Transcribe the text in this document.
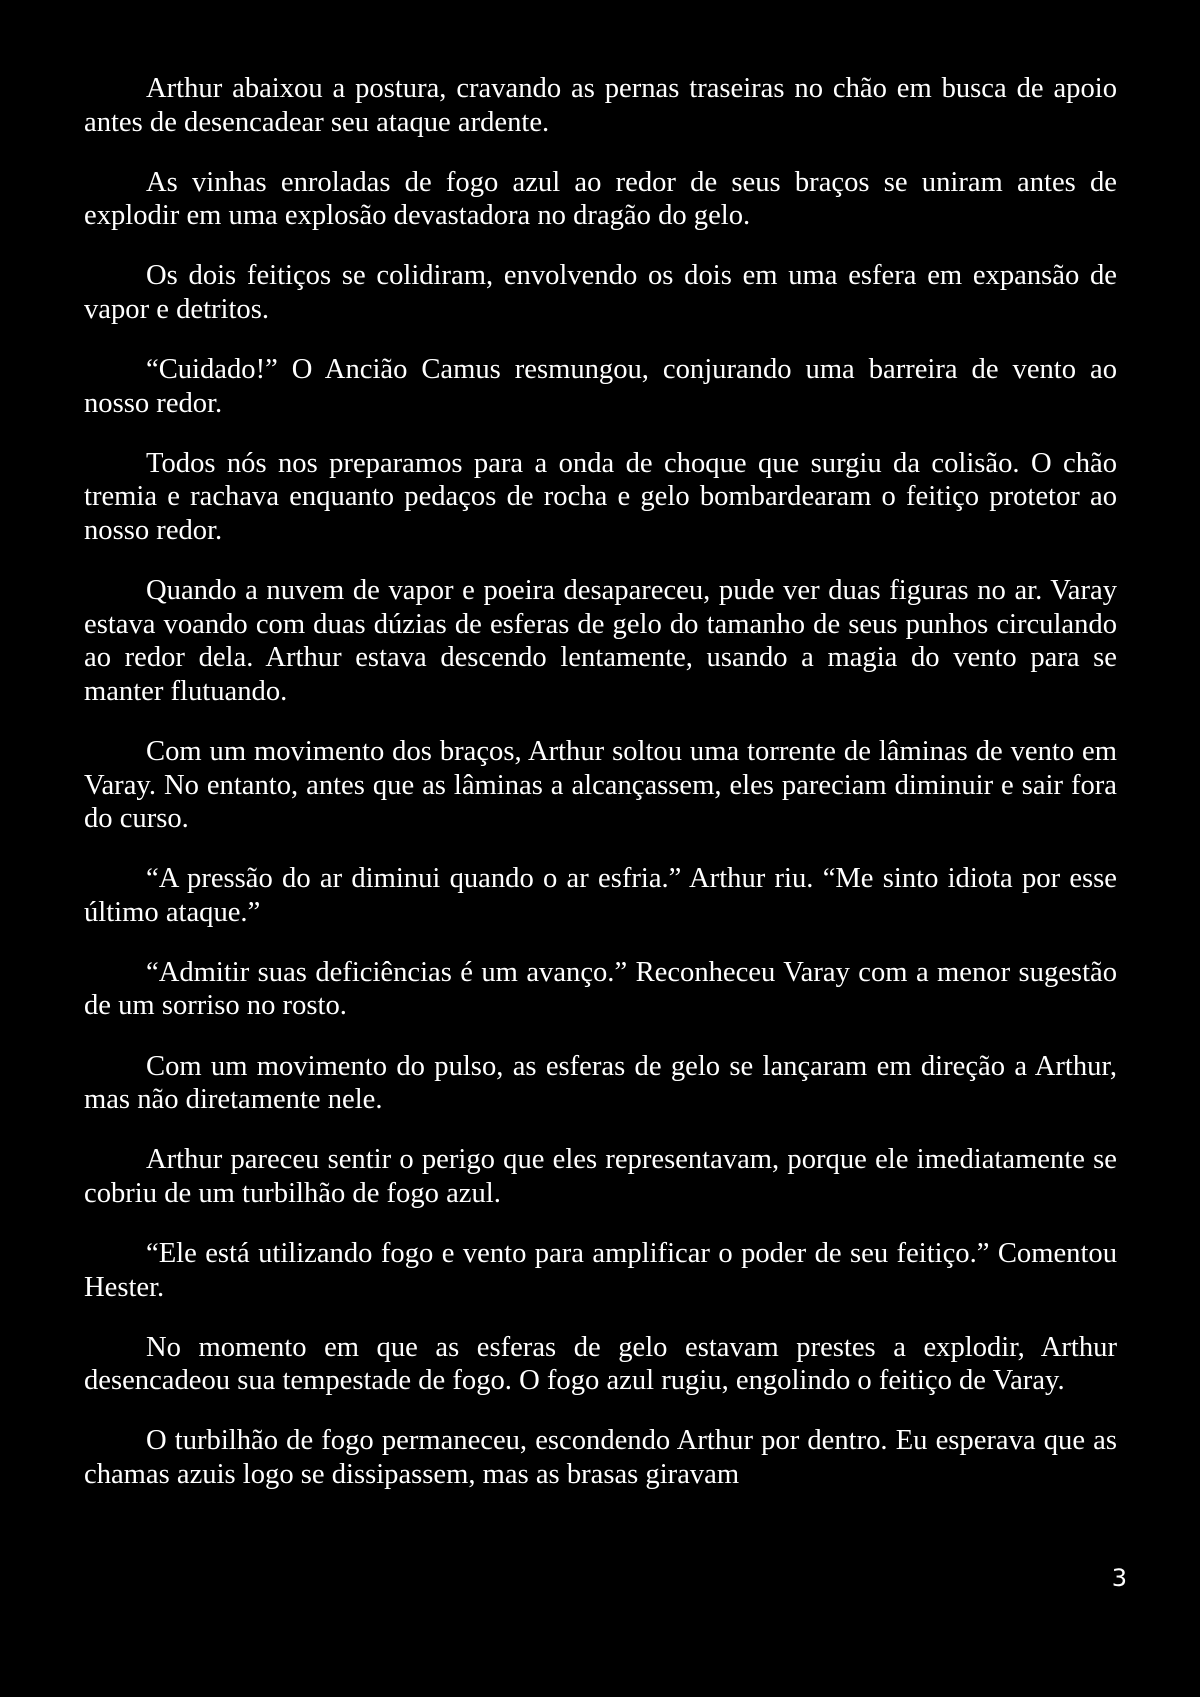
Arthur abaixou a postura, cravando as pernas traseiras no chão em busca de apoio antes de desencadear seu ataque ardente.

As vinhas enroladas de fogo azul ao redor de seus braços se uniram antes de explodir em uma explosão devastadora no dragão do gelo.

Os dois feitiços se colidiram, envolvendo os dois em uma esfera em expansão de vapor e detritos.

“Cuidado!” O Ancião Camus resmungou, conjurando uma barreira de vento ao nosso redor.

Todos nós nos preparamos para a onda de choque que surgiu da colisão. O chão tremia e rachava enquanto pedaços de rocha e gelo bombardearam o feitiço protetor ao nosso redor.

Quando a nuvem de vapor e poeira desapareceu, pude ver duas figuras no ar. Varay estava voando com duas dúzias de esferas de gelo do tamanho de seus punhos circulando ao redor dela. Arthur estava descendo lentamente, usando a magia do vento para se manter flutuando.

Com um movimento dos braços, Arthur soltou uma torrente de lâminas de vento em Varay. No entanto, antes que as lâminas a alcançassem, eles pareciam diminuir e sair fora do curso.

“A pressão do ar diminui quando o ar esfria.” Arthur riu. “Me sinto idiota por esse último ataque.”

“Admitir suas deficiências é um avanço.” Reconheceu Varay com a menor sugestão de um sorriso no rosto.

Com um movimento do pulso, as esferas de gelo se lançaram em direção a Arthur, mas não diretamente nele.

Arthur pareceu sentir o perigo que eles representavam, porque ele imediatamente se cobriu de um turbilhão de fogo azul.

“Ele está utilizando fogo e vento para amplificar o poder de seu feitiço.” Comentou Hester.

No momento em que as esferas de gelo estavam prestes a explodir, Arthur desencadeou sua tempestade de fogo. O fogo azul rugiu, engolindo o feitiço de Varay.

O turbilhão de fogo permaneceu, escondendo Arthur por dentro. Eu esperava que as chamas azuis logo se dissipassem, mas as brasas giravam

3
